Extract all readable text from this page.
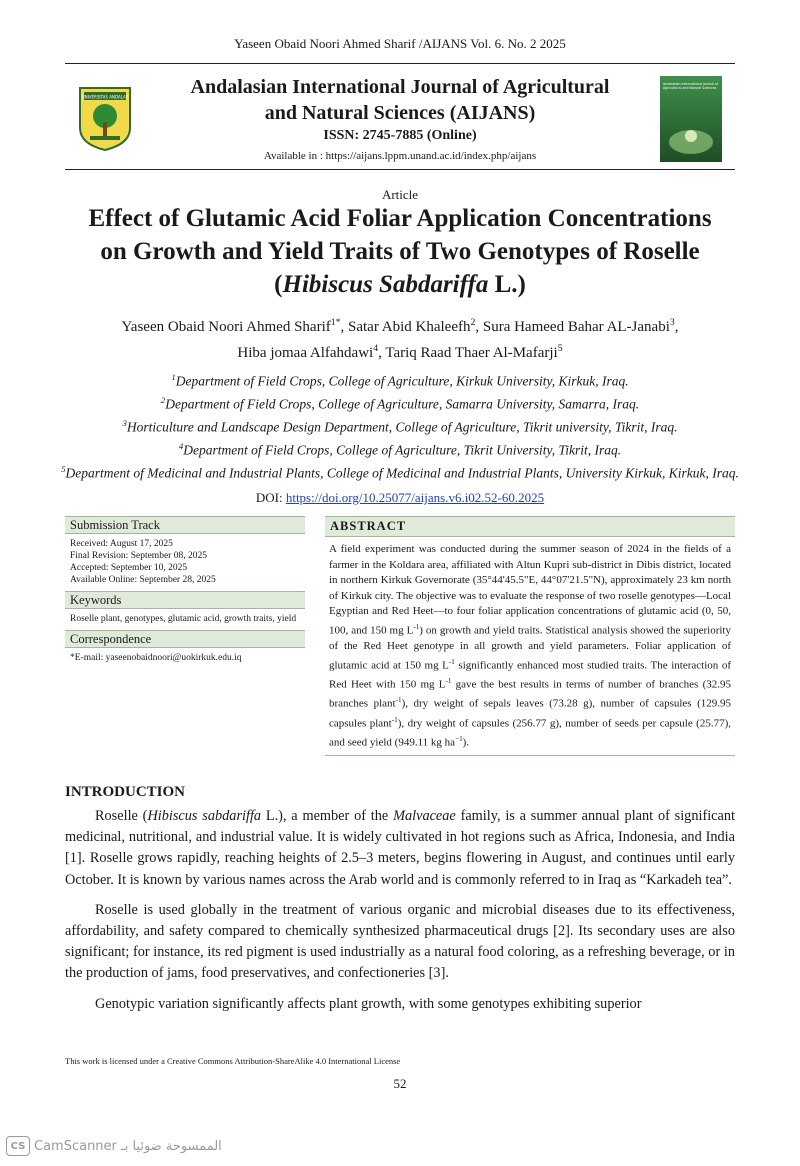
Yaseen Obaid Noori Ahmed Sharif /AIJANS Vol. 6. No. 2 2025
UNIVERSITAS ANDALAS	Andalasian International Journal of Agricultural
and Natural Sciences (AIJANS)
ISSN: 2745-7885 (Online)
Available in : https://aijans.lppm.unand.ac.id/index.php/aijans
Andalasian International Journal of Agricultural and Natural Sciences
Article
Effect of Glutamic Acid Foliar Application Concentrations
on Growth and Yield Traits of Two Genotypes of Roselle
(Hibiscus Sabdariffa L.)
Yaseen Obaid Noori Ahmed Sharif$^{1*}$, Satar Abid Khaleefh$^2$, Sura Hameed Bahar AL-Janabi$^3$,
Hiba jomaa Alfahdawi$^4$, Tariq Raad Thaer Al-Mafarji$^5$
$^1$Department of Field Crops, College of Agriculture, Kirkuk University, Kirkuk, Iraq.
$^2$Department of Field Crops, College of Agriculture, Samarra University, Samarra, Iraq.
$^3$Horticulture and Landscape Design Department, College of Agriculture, Tikrit university, Tikrit, Iraq.
$^4$Department of Field Crops, College of Agriculture, Tikrit University, Tikrit, Iraq.
$^5$Department of Medicinal and Industrial Plants, College of Medicinal and Industrial Plants, University Kirkuk, Kirkuk, Iraq.
DOI: https://doi.org/10.25077/aijans.v6.i02.52-60.2025
Submission Track
Received: August 17, 2025
Final Revision: September 08, 2025
Accepted: September 10, 2025
Available Online: September 28, 2025
Keywords
Roselle plant, genotypes, glutamic acid, growth traits, yield
Correspondence
*E-mail: yaseenobaidnoori@uokirkuk.edu.iq
ABSTRACT
A field experiment was conducted during the summer season of 2024 in the fields of a farmer in the Koldara area, affiliated with Altun Kupri sub-district in Dibis district, located in northern Kirkuk Governorate (35°44'45.5"E, 44°07'21.5"N), approximately 23 km north of Kirkuk city. The objective was to evaluate the response of two roselle genotypes—Local Egyptian and Red Heet—to four foliar application concentrations of glutamic acid (0, 50, 100, and 150 mg $L^{-1}$) on growth and yield traits. Statistical analysis showed the superiority of the Red Heet genotype in all growth and yield parameters. Foliar application of glutamic acid at 150 mg $L^{-1}$ significantly enhanced most studied traits. The interaction of Red Heet with 150 mg $L^{-1}$ gave the best results in terms of number of branches (32.95 branches plant$^{-1}$), dry weight of sepals leaves (73.28 g), number of capsules (129.95 capsules plant$^{-1}$), dry weight of capsules (256.77 g), number of seeds per capsule (25.77), and seed yield (949.11 kg $ha^{-1}$).
INTRODUCTION

Roselle (Hibiscus sabdariffa L.), a member of the Malvaceae family, is a summer annual plant of significant medicinal, nutritional, and industrial value. It is widely cultivated in hot regions such as Africa, Indonesia, and India [1]. Roselle grows rapidly, reaching heights of 2.5–3 meters, begins flowering in August, and continues until early October. It is known by various names across the Arab world and is commonly referred to in Iraq as “Karkadeh tea”.

Roselle is used globally in the treatment of various organic and microbial diseases due to its effectiveness, affordability, and safety compared to chemically synthesized pharmaceutical drugs [2]. Its secondary uses are also significant; for instance, its red pigment is used industrially as a natural food coloring, as a refreshing beverage, or in the production of jams, food preservatives, and confectioneries [3].

Genotypic variation significantly affects plant growth, with some genotypes exhibiting superior

This work is licensed under a Creative Commons Attribution-ShareAlike 4.0 International License
52
CS CamScanner الممسوحة ضوئيا بـ
